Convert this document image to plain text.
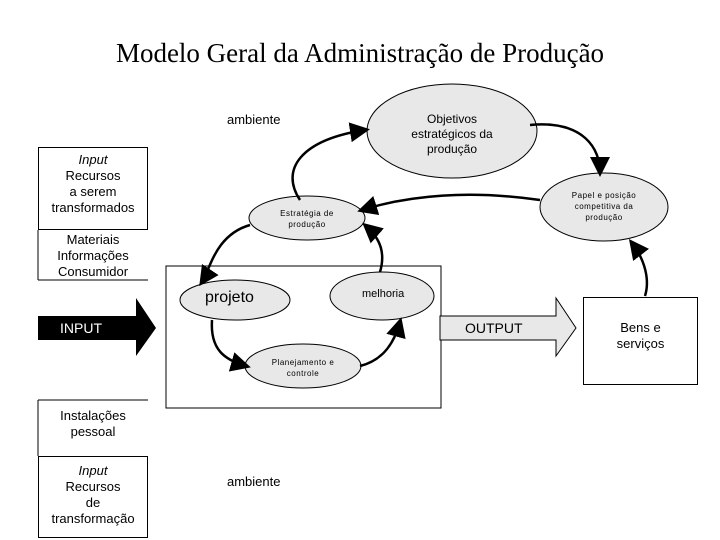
Modelo Geral da Administração de Produção
ambiente
ambiente
Objetivos
estratégicos da
produção
Papel e posição
competitiva da
produção
Estratégia de
produção
Planejamento e
controle
projeto	melhoria
INPUT	OUTPUT
Input
Recursos
a serem
transformados
Materiais
Informações
Consumidor
Instalações
pessoal
Input
Recursos
de
transformação
Bens e
serviços
